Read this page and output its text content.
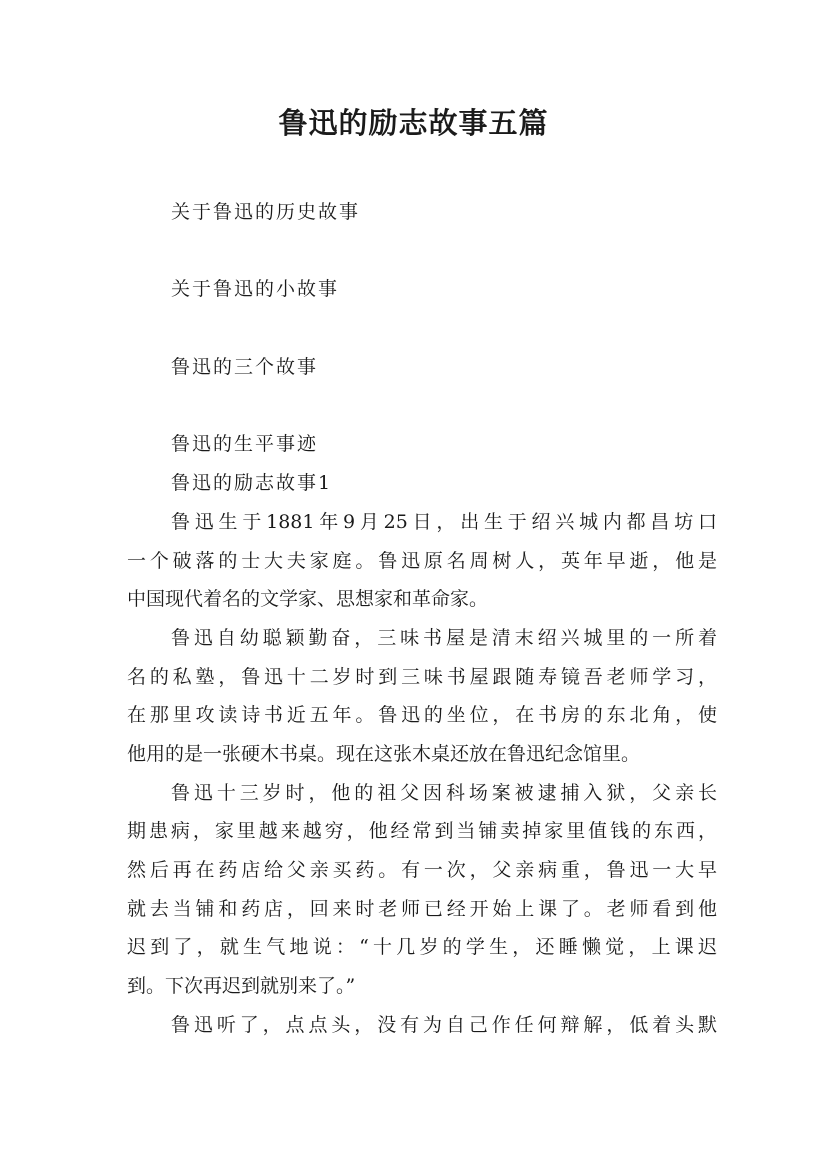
鲁迅的励志故事五篇
关于鲁迅的历史故事
关于鲁迅的小故事
鲁迅的三个故事
鲁迅的生平事迹
鲁迅的励志故事1
鲁迅生于1881年9月25日，出生于绍兴城内都昌坊口
一个破落的士大夫家庭。鲁迅原名周树人，英年早逝，他是
中国现代着名的文学家、思想家和革命家。
鲁迅自幼聪颖勤奋，三味书屋是清末绍兴城里的一所着
名的私塾，鲁迅十二岁时到三味书屋跟随寿镜吾老师学习，
在那里攻读诗书近五年。鲁迅的坐位，在书房的东北角，使
他用的是一张硬木书桌。现在这张木桌还放在鲁迅纪念馆里。
鲁迅十三岁时，他的祖父因科场案被逮捕入狱，父亲长
期患病，家里越来越穷，他经常到当铺卖掉家里值钱的东西，
然后再在药店给父亲买药。有一次，父亲病重，鲁迅一大早
就去当铺和药店，回来时老师已经开始上课了。老师看到他
迟到了，就生气地说：“十几岁的学生，还睡懒觉，上课迟
到。下次再迟到就别来了。”
鲁迅听了，点点头，没有为自己作任何辩解，低着头默
